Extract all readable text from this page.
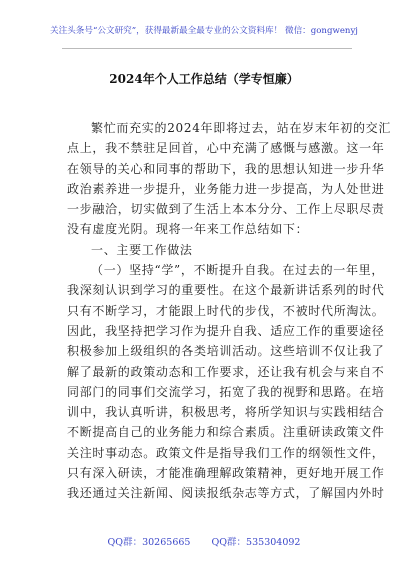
关注头条号“公文研究”，获得最新最全最专业的公文资料库！ 微信：gongwenyj
2024年个人工作总结（学专恒廉）
繁忙而充实的2024年即将过去，站在岁末年初的交汇
点上，我不禁驻足回首，心中充满了感慨与感激。这一年
在领导的关心和同事的帮助下，我的思想认知进一步升华
政治素养进一步提升，业务能力进一步提高，为人处世进
一步融洽，切实做到了生活上本本分分、工作上尽职尽责
没有虚度光阴。现将一年来工作总结如下：
一、主要工作做法
（一）坚持“学”，不断提升自我。在过去的一年里，
我深刻认识到学习的重要性。在这个最新讲话系列的时代
只有不断学习，才能跟上时代的步伐，不被时代所淘汰。
因此，我坚持把学习作为提升自我、适应工作的重要途径
积极参加上级组织的各类培训活动。这些培训不仅让我了
解了最新的政策动态和工作要求，还让我有机会与来自不
同部门的同事们交流学习，拓宽了我的视野和思路。在培
训中，我认真听讲，积极思考，将所学知识与实践相结合
不断提高自己的业务能力和综合素质。注重研读政策文件
关注时事动态。政策文件是指导我们工作的纲领性文件，
只有深入研读，才能准确理解政策精神，更好地开展工作
我还通过关注新闻、阅读报纸杂志等方式，了解国内外时
QQ群：30265665 QQ群：535304092
